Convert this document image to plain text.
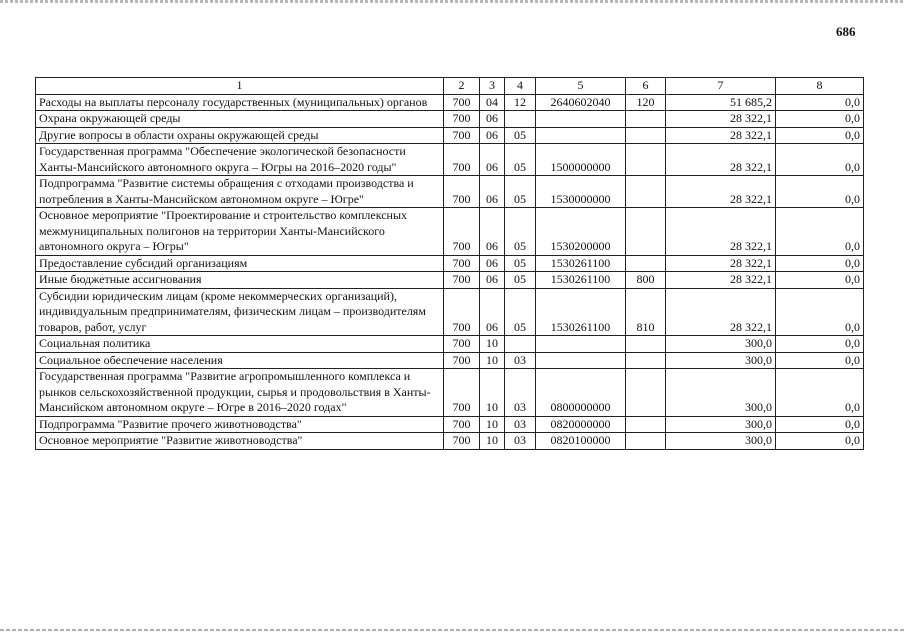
686
1	2	3	4	5	6	7	8
Расходы на выплаты персоналу государственных (муниципальных) органов	700	04	12	2640602040	120	51 685,2	0,0
Охрана окружающей среды	700	06				28 322,1	0,0
Другие вопросы в области охраны окружающей среды	700	06	05			28 322,1	0,0
Государственная программа "Обеспечение экологической безопасности Ханты-Мансийского автономного округа – Югры на 2016–2020 годы"	700	06	05	1500000000		28 322,1	0,0
Подпрограмма "Развитие системы обращения с отходами производства и потребления в Ханты-Мансийском автономном округе – Югре"	700	06	05	1530000000		28 322,1	0,0
Основное мероприятие "Проектирование и строительство комплексных межмуниципальных полигонов на территории Ханты-Мансийского автономного округа – Югры"	700	06	05	1530200000		28 322,1	0,0
Предоставление субсидий организациям	700	06	05	1530261100		28 322,1	0,0
Иные бюджетные ассигнования	700	06	05	1530261100	800	28 322,1	0,0
Субсидии юридическим лицам (кроме некоммерческих организаций), индивидуальным предпринимателям, физическим лицам – производителям товаров, работ, услуг	700	06	05	1530261100	810	28 322,1	0,0
Социальная политика	700	10				300,0	0,0
Социальное обеспечение населения	700	10	03			300,0	0,0
Государственная программа "Развитие агропромышленного комплекса и рынков сельскохозяйственной продукции, сырья и продовольствия в Ханты-Мансийском автономном округе – Югре в 2016–2020 годах"	700	10	03	0800000000		300,0	0,0
Подпрограмма "Развитие прочего животноводства"	700	10	03	0820000000		300,0	0,0
Основное мероприятие "Развитие животноводства"	700	10	03	0820100000		300,0	0,0
